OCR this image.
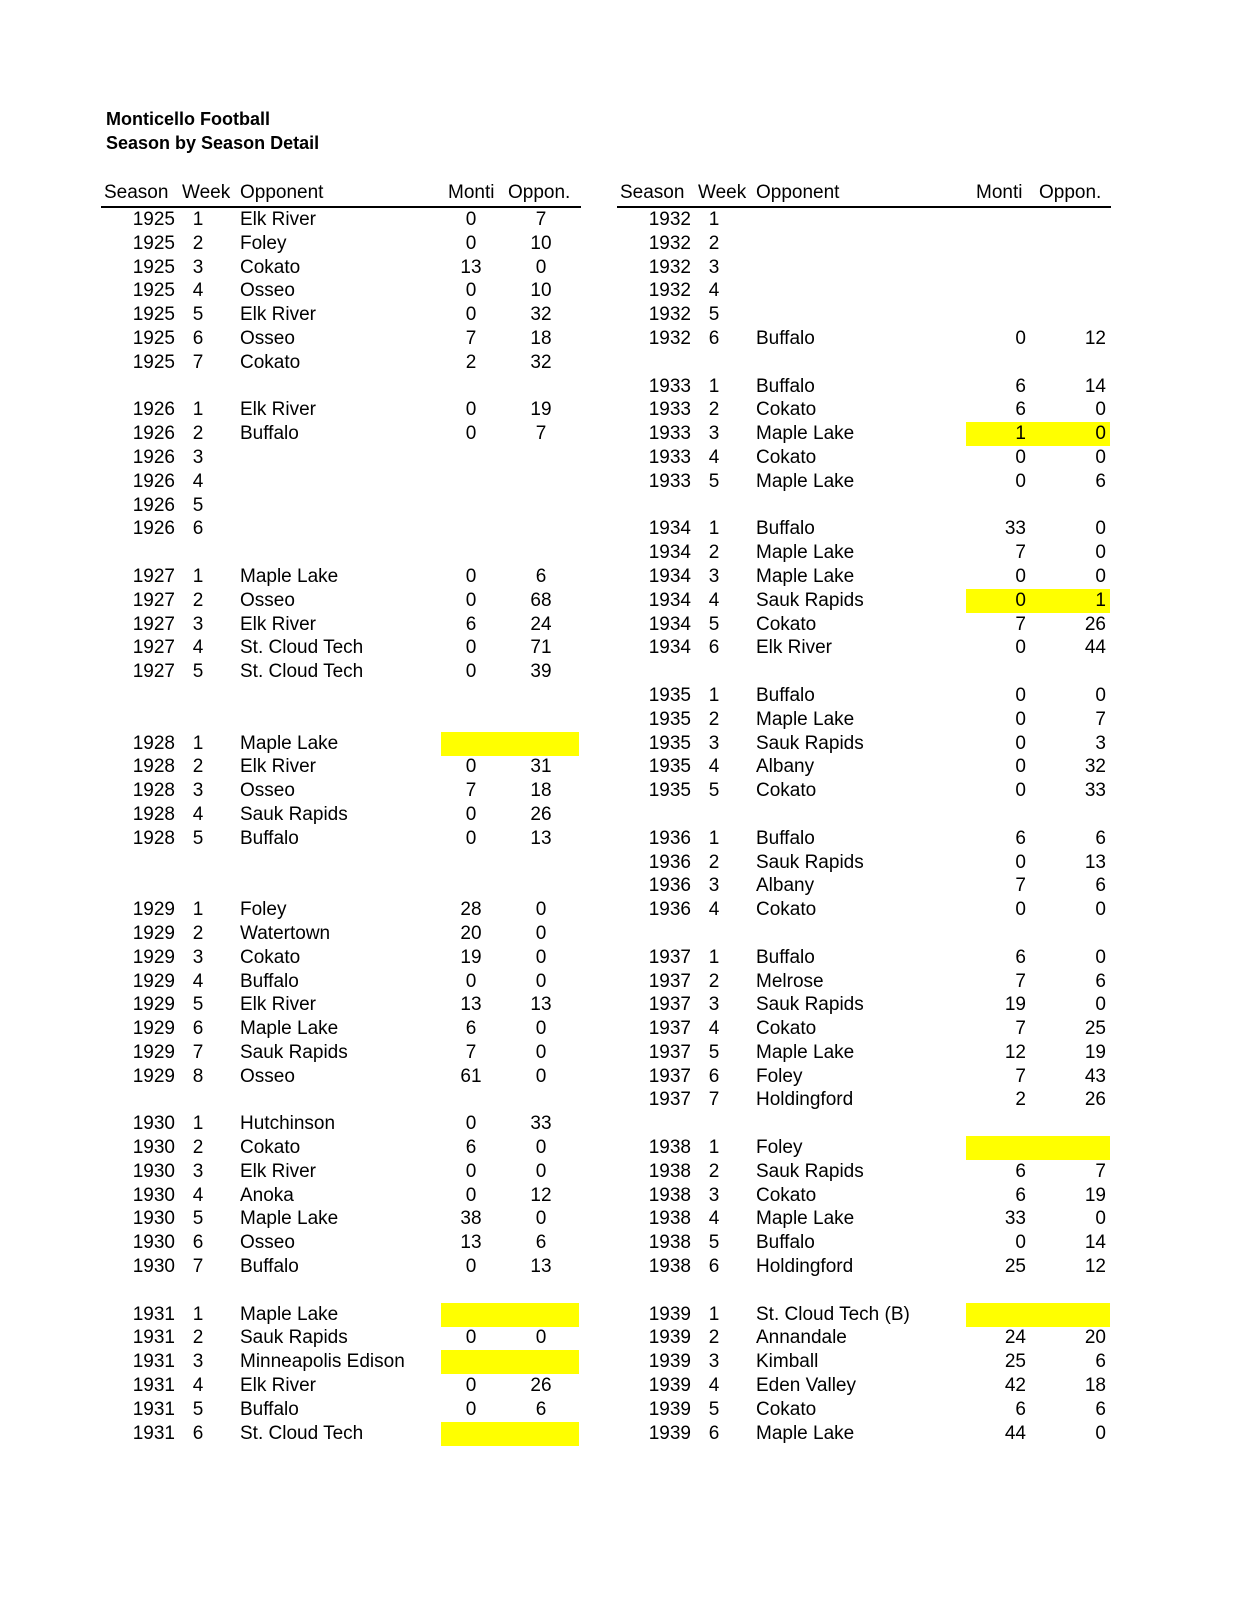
Monticello Football
Season by Season Detail
Season Week Opponent	Monti Oppon.
1925 1	Elk River	0	7
1925 2	Foley	0	10
1925 3	Cokato	13	0
1925 4	Osseo	0	10
1925 5	Elk River	0	32
1925 6	Osseo	7	18
1925 7	Cokato	2	32
1926 1	Elk River	0	19
1926 2	Buffalo	0	7
1926 3
1926 4
1926 5
1926 6
1927 1	Maple Lake	0	6
1927 2	Osseo	0	68
1927 3	Elk River	6	24
1927 4	St. Cloud Tech	0	71
1927 5	St. Cloud Tech	0	39
1928 1	Maple Lake
1928 2	Elk River	0	31
1928 3	Osseo	7	18
1928 4	Sauk Rapids	0	26
1928 5	Buffalo	0	13
1929 1	Foley	28	0
1929 2	Watertown	20	0
1929 3	Cokato	19	0
1929 4	Buffalo	0	0
1929 5	Elk River	13	13
1929 6	Maple Lake	6	0
1929 7	Sauk Rapids	7	0
1929 8	Osseo	61	0
1930 1	Hutchinson	0	33
1930 2	Cokato	6	0
1930 3	Elk River	0	0
1930 4	Anoka	0	12
1930 5	Maple Lake	38	0
1930 6	Osseo	13	6
1930 7	Buffalo	0	13
1931 1	Maple Lake
1931 2	Sauk Rapids	0	0
1931 3	Minneapolis Edison
1931 4	Elk River	0	26
1931 5	Buffalo	0	6
1931 6	St. Cloud Tech
Season Week Opponent	Monti Oppon.
1932 1
1932 2
1932 3
1932 4
1932 5
1932 6	Buffalo	0	12
1933 1	Buffalo	6	14
1933 2	Cokato	6	0
1933 3	Maple Lake	1	0
1933 4	Cokato	0	0
1933 5	Maple Lake	0	6
1934 1	Buffalo	33	0
1934 2	Maple Lake	7	0
1934 3	Maple Lake	0	0
1934 4	Sauk Rapids	0	1
1934 5	Cokato	7	26
1934 6	Elk River	0	44
1935 1	Buffalo	0	0
1935 2	Maple Lake	0	7
1935 3	Sauk Rapids	0	3
1935 4	Albany	0	32
1935 5	Cokato	0	33
1936 1	Buffalo	6	6
1936 2	Sauk Rapids	0	13
1936 3	Albany	7	6
1936 4	Cokato	0	0
1937 1	Buffalo	6	0
1937 2	Melrose	7	6
1937 3	Sauk Rapids	19	0
1937 4	Cokato	7	25
1937 5	Maple Lake	12	19
1937 6	Foley	7	43
1937 7	Holdingford	2	26
1938 1	Foley
1938 2	Sauk Rapids	6	7
1938 3	Cokato	6	19
1938 4	Maple Lake	33	0
1938 5	Buffalo	0	14
1938 6	Holdingford	25	12
1939 1	St. Cloud Tech (B)
1939 2	Annandale	24	20
1939 3	Kimball	25	6
1939 4	Eden Valley	42	18
1939 5	Cokato	6	6
1939 6	Maple Lake	44	0
